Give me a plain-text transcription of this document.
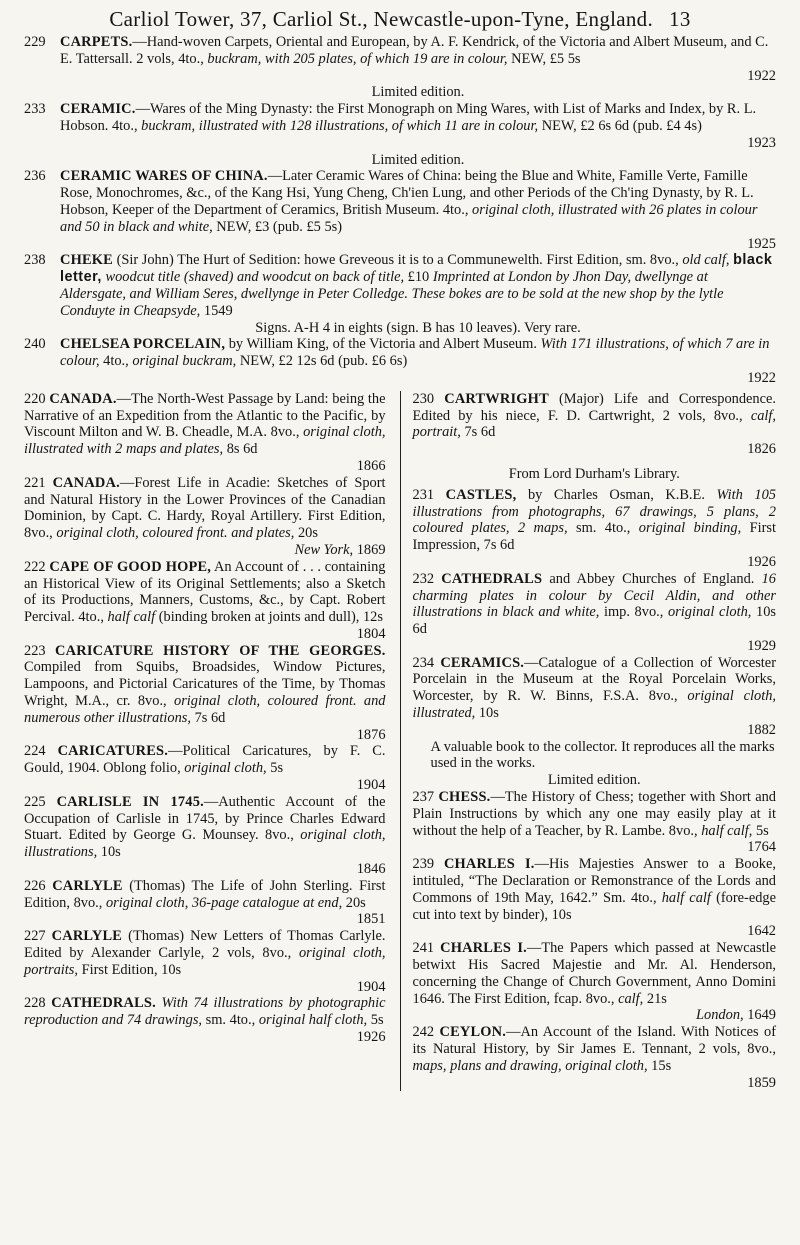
Carliol Tower, 37, Carliol St., Newcastle-upon-Tyne, England. 13
229 CARPETS.—Hand-woven Carpets, Oriental and European, by A. F. Kendrick, of the Victoria and Albert Museum, and C. E. Tattersall. 2 vols, 4to., buckram, with 205 plates, of which 19 are in colour, NEW, £5 5s
1922
Limited edition.
233 CERAMIC.—Wares of the Ming Dynasty: the First Monograph on Ming Wares, with List of Marks and Index, by R. L. Hobson. 4to., buckram, illustrated with 128 illustrations, of which 11 are in colour, NEW, £2 6s 6d (pub. £4 4s)
1923
Limited edition.
236 CERAMIC WARES OF CHINA.—Later Ceramic Wares of China: being the Blue and White, Famille Verte, Famille Rose, Monochromes, &c., of the Kang Hsi, Yung Cheng, Ch'ien Lung, and other Periods of the Ch'ing Dynasty, by R. L. Hobson, Keeper of the Department of Ceramics, British Museum. 4to., original cloth, illustrated with 26 plates in colour and 50 in black and white, NEW, £3 (pub. £5 5s)
1925
238 CHEKE (Sir John) The Hurt of Sedition: howe Greveous it is to a Communewelth. First Edition, sm. 8vo., old calf, black letter, woodcut title (shaved) and woodcut on back of title, £10 Imprinted at London by Jhon Day, dwellynge at Aldersgate, and William Seres, dwellynge in Peter Colledge. These bokes are to be sold at the new shop by the lytle Conduyte in Cheapsyde, 1549
Signs. A-H 4 in eights (sign. B has 10 leaves). Very rare.
240 CHELSEA PORCELAIN, by William King, of the Victoria and Albert Museum. With 171 illustrations, of which 7 are in colour, 4to., original buckram, NEW, £2 12s 6d (pub. £6 6s)
1922
220 CANADA.—The North-West Passage by Land: being the Narrative of an Expedition from the Atlantic to the Pacific, by Viscount Milton and W. B. Cheadle, M.A. 8vo., original cloth, illustrated with 2 maps and plates, 8s 6d
1866
221 CANADA.—Forest Life in Acadie: Sketches of Sport and Natural History in the Lower Provinces of the Canadian Dominion, by Capt. C. Hardy, Royal Artillery. First Edition, 8vo., original cloth, coloured front. and plates, 20s
New York, 1869
222 CAPE OF GOOD HOPE, An Account of . . . containing an Historical View of its Original Settlements; also a Sketch of its Productions, Manners, Customs, &c., by Capt. Robert Percival. 4to., half calf (binding broken at joints and dull), 12s
1804
223 CARICATURE HISTORY OF THE GEORGES. Compiled from Squibs, Broadsides, Window Pictures, Lampoons, and Pictorial Caricatures of the Time, by Thomas Wright, M.A., cr. 8vo., original cloth, coloured front. and numerous other illustrations, 7s 6d
1876
224 CARICATURES.—Political Caricatures, by F. C. Gould, 1904. Oblong folio, original cloth, 5s
1904
225 CARLISLE IN 1745.—Authentic Account of the Occupation of Carlisle in 1745, by Prince Charles Edward Stuart. Edited by George G. Mounsey. 8vo., original cloth, illustrations, 10s
1846
226 CARLYLE (Thomas) The Life of John Sterling. First Edition, 8vo., original cloth, 36-page catalogue at end, 20s
1851
227 CARLYLE (Thomas) New Letters of Thomas Carlyle. Edited by Alexander Carlyle, 2 vols, 8vo., original cloth, portraits, First Edition, 10s
1904
228 CATHEDRALS. With 74 illustrations by photographic reproduction and 74 drawings, sm. 4to., original half cloth, 5s
1926
230 CARTWRIGHT (Major) Life and Correspondence. Edited by his niece, F. D. Cartwright, 2 vols, 8vo., calf, portrait, 7s 6d
1826
From Lord Durham's Library.
231 CASTLES, by Charles Osman, K.B.E. With 105 illustrations from photographs, 67 drawings, 5 plans, 2 coloured plates, 2 maps, sm. 4to., original binding, First Impression, 7s 6d
1926
232 CATHEDRALS and Abbey Churches of England. 16 charming plates in colour by Cecil Aldin, and other illustrations in black and white, imp. 8vo., original cloth, 10s 6d
1929
234 CERAMICS.—Catalogue of a Collection of Worcester Porcelain in the Museum at the Royal Porcelain Works, Worcester, by R. W. Binns, F.S.A. 8vo., original cloth, illustrated, 10s
1882
A valuable book to the collector. It reproduces all the marks used in the works.
Limited edition.
237 CHESS.—The History of Chess; together with Short and Plain Instructions by which any one may easily play at it without the help of a Teacher, by R. Lambe. 8vo., half calf, 5s
1764
239 CHARLES I.—His Majesties Answer to a Booke, intituled, “The Declaration or Remonstrance of the Lords and Commons of 19th May, 1642.” Sm. 4to., half calf (fore-edge cut into text by binder), 10s
1642
241 CHARLES I.—The Papers which passed at Newcastle betwixt His Sacred Majestie and Mr. Al. Henderson, concerning the Change of Church Government, Anno Domini 1646. The First Edition, fcap. 8vo., calf, 21s
London, 1649
242 CEYLON.—An Account of the Island. With Notices of its Natural History, by Sir James E. Tennant, 2 vols, 8vo., maps, plans and drawing, original cloth, 15s
1859
